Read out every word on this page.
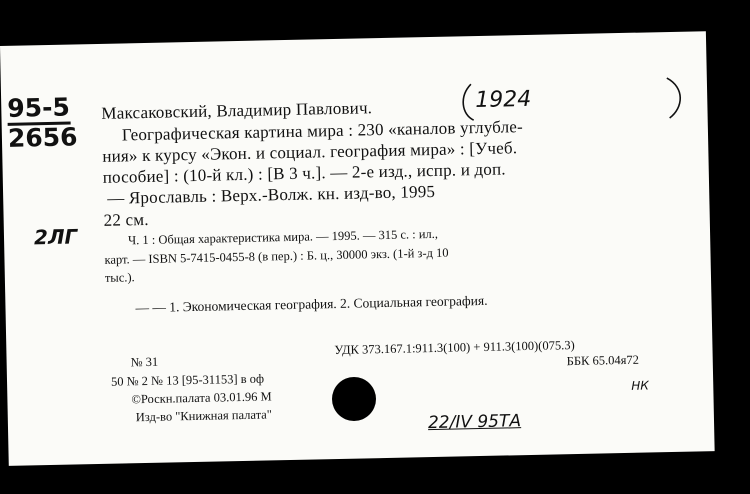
95-5
2656
2ЛГ
Максаковский, Владимир Павлович.	1924
Географическая картина мира : 230 «каналов углубле-
ния» к курсу «Экон. и социал. география мира» : [Учеб.
пособие] : (10-й кл.) : [В 3 ч.]. — 2-е изд., испр. и доп.
— Ярославль : Верх.-Волж. кн. изд-во, 1995
22 см.
Ч. 1 : Общая характеристика мира. — 1995. — 315 с. : ил.,
карт. — ISBN 5-7415-0455-8 (в пер.) : Б. ц., 30000 экз. (1-й з-д 10
тыс.).
— — 1. Экономическая география. 2. Социальная география.
№ 31
УДК 373.167.1:911.3(100) + 911.3(100)(075.3)
50 № 2 № 13 [95-31153] в оф
ББК 65.04я72
©Роскн.палата 03.01.96 М
Изд-во "Книжная палата"	22/IV 95ТА
НК
